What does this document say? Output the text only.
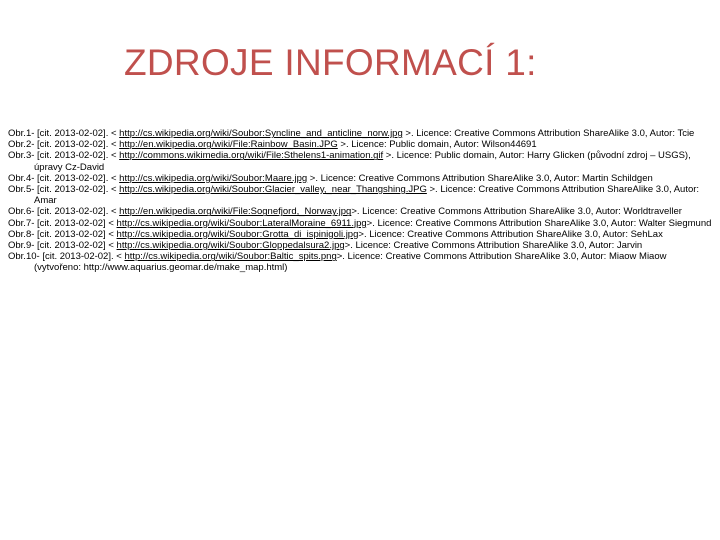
ZDROJE INFORMACÍ 1:
Obr.1- [cit. 2013-02-02]. < http://cs.wikipedia.org/wiki/Soubor:Syncline_and_anticline_norw.jpg >. Licence: Creative Commons Attribution ShareAlike 3.0, Autor: Tcie
Obr.2- [cit. 2013-02-02]. < http://en.wikipedia.org/wiki/File:Rainbow_Basin.JPG >. Licence: Public domain, Autor: Wilson44691
Obr.3- [cit. 2013-02-02]. < http://commons.wikimedia.org/wiki/File:Sthelens1-animation.gif >. Licence: Public domain, Autor: Harry Glicken (původní zdroj – USGS), úpravy Cz-David
Obr.4- [cit. 2013-02-02]. < http://cs.wikipedia.org/wiki/Soubor:Maare.jpg >. Licence: Creative Commons Attribution ShareAlike 3.0, Autor: Martin Schildgen
Obr.5- [cit. 2013-02-02]. < http://cs.wikipedia.org/wiki/Soubor:Glacier_valley,_near_Thangshing.JPG >. Licence: Creative Commons Attribution ShareAlike 3.0, Autor: Amar
Obr.6- [cit. 2013-02-02]. < http://en.wikipedia.org/wiki/File:Sognefjord,_Norway.jpg>. Licence: Creative Commons Attribution ShareAlike 3.0, Autor: Worldtraveller
Obr.7- [cit. 2013-02-02] < http://cs.wikipedia.org/wiki/Soubor:LateralMoraine_6911.jpg>. Licence: Creative Commons Attribution ShareAlike 3.0, Autor: Walter Siegmund
Obr.8- [cit. 2013-02-02] < http://cs.wikipedia.org/wiki/Soubor:Grotta_di_ispinigoli.jpg>. Licence: Creative Commons Attribution ShareAlike 3.0, Autor: SehLax
Obr.9- [cit. 2013-02-02] < http://cs.wikipedia.org/wiki/Soubor:Gloppedalsura2.jpg>. Licence: Creative Commons Attribution ShareAlike 3.0, Autor: Jarvin
Obr.10- [cit. 2013-02-02]. < http://cs.wikipedia.org/wiki/Soubor:Baltic_spits.png>. Licence: Creative Commons Attribution ShareAlike 3.0, Autor: Miaow Miaow (vytvořeno: http://www.aquarius.geomar.de/make_map.html)
